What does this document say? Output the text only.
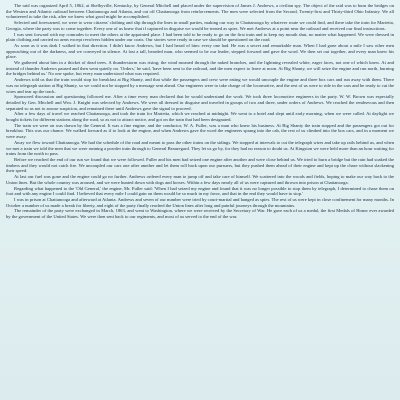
The raid was organized April 5, 1862, at Shelbyville, Kentucky, by General Mitchell and placed under the supervision of James J. Andrews, a civilian spy. The object of the raid was to burn the bridges on the Western and Atlantic railroad between Chattanooga and Atlanta, and cut off Chattanooga from reinforcements. The men were selected from the Second, Twenty-first and Thirty-third Ohio Infantry. We all volunteered to take the risk, after we knew what good might be accomplished.

Selected and forewarned, we were to wear citizens' clothing and slip through the lines in small parties, making our way to Chattanooga by whatever route we could find, and there take the train for Marietta, Georgia, where the party was to come together. Every one of us knew that if captured in disguise we would be treated as spies. We met Andrews at a point near the railroad and received our final instructions.

I was sent forward with my comrades to meet the others at the appointed place. I had been told to be ready to go on the first train and to keep my mouth shut, no matter what happened. We were dressed in plain clothing and carried no arms except revolvers hidden under our coats. Our stories were ready in case we should be questioned on the road.

As soon as it was dark I walked in that direction. I didn't know Andrews, but I had heard of him: every one had. He was a secret and remarkable man. When I had gone about a mile I saw other men approaching out of the darkness, and we conveyed in silence. At last a tall, bearded man, who seemed to be our leader, stepped forward and gave the word. We then set out together, and every man knew his place.

We gathered about him in a thicket of dead trees. A thunderstorm was rising; the wind moaned through the naked branches, and the lightning revealed white, eager faces, not one of which knew. At and instead of thunder Andrews paused and then went quietly on. 'Orders,' he said, 'have been sent to the railroad, and the men expect to leave at noon. At Big Shanty, we will seize the engine and run north, burning the bridges behind us.' No one spoke, but every man understood what was required.

Andrews told us that the train would stop for breakfast at Big Shanty, and that while the passengers and crew were eating we would uncouple the engine and three box cars and run away with them. There was no telegraph station at Big Shanty, so we could not be stopped by a message sent ahead. Our engineers were to take charge of the locomotive, and the rest of us were to ride in the cars and be ready to cut the wires and tear up the track.

Sponsored discussion and questioning followed me. After a time every man declared that he would understand the work. We took three locomotive engineers in the party. W. W. Brown was especially detailed by Gen. Mitchell and Wm. J. Knight was selected by Andrews. We were all dressed in disguise and traveled in groups of two and three, under orders of Andrews. We reached the rendezvous and then separated so as not to arouse suspicion, and remained there until Andrews gave the signal to proceed.

After a few days of travel we reached Chattanooga, and took the train for Marietta, which we reached at midnight. We went to a hotel and slept until early morning, when we were called. At daylight we bought tickets for different stations along the road, so as not to attract notice, and got on the train that had been designated.

The train we were on was drawn by the General. It was a fine engine, and the conductor, W. A. Fuller, was a man who knew his business. At Big Shanty the train stopped and the passengers got out for breakfast. This was our chance. We walked forward as if to look at the engine, and when Andrews gave the word the engineers sprang into the cab, the rest of us climbed into the box cars, and in a moment we were away.

Away we flew toward Chattanooga. We had the schedule of the road and meant to pass the other trains on the sidings. We stopped at intervals to cut the telegraph wires and take up rails behind us, and when we met a train we told the men that we were running a powder train through to General Beauregard. They let us go by, for they had no reason to doubt us. At Kingston we were held more than an hour waiting for trains from the north to pass.

Before we reached the end of our run we found that we were followed. Fuller and his men had seized one engine after another and were close behind us. We tried to burn a bridge but the rain had soaked the timbers and they would not catch fire. We uncoupled our cars one after another and let them roll back upon our pursuers, but they pushed them ahead of their engine and kept up the chase without slackening their speed.

At last our fuel was gone and the engine could go no further. Andrews ordered every man to jump off and take care of himself. We scattered into the woods and fields, hoping to make our way back to the Union lines. But the whole country was aroused, and we were hunted down with dogs and horses. Within a few days nearly all of us were captured and thrown into prison at Chattanooga.

Regarding what happened to the 'Old General,' the engine, Mr. Fuller said: 'When I had seized my engine and found that it was no longer possible to stop them by telegraph, I determined to chase them on foot and with any engine I could find. I believed that every mile I could gain on them would be so much in my favor, and that in the end they would have to stop.'

I was in prison at Chattanooga and afterward at Atlanta. Andrews and seven of our number were tried by court-martial and hanged as spies. The rest of us were kept in close confinement for many months. In October a number of us made a break for liberty, and eight of the party finally reached the Union lines after long and painful journeys through the mountains.

The remainder of the party were exchanged in March, 1863, and went to Washington, where we were received by the Secretary of War. He gave each of us a medal, the first Medals of Honor ever awarded by the government of the United States. We were then sent back to our regiments, and most of us served to the end of the war.
